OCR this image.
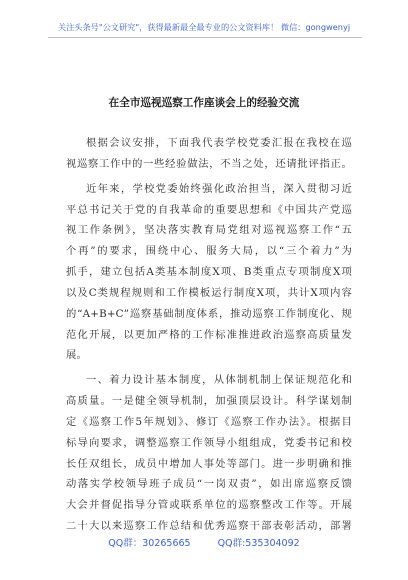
关注头条号"公文研究"，获得最新最全最专业的公文资料库！ 微信：gongwenyj
在全市巡视巡察工作座谈会上的经验交流
根据会议安排，下面我代表学校党委汇报在我校在巡
视巡察工作中的一些经验做法，不当之处，还请批评指正。
近年来，学校党委始终强化政治担当，深入贯彻习近
平总书记关于党的自我革命的重要思想和《中国共产党巡
视工作条例》，坚决落实教育局党组对巡视巡察工作“五
个再”的要求，围绕中心、服务大局，以“三个着力”为
抓手，建立包括A类基本制度X项、B类重点专项制度X项
以及C类规程规则和工作模板运行制度X项，共计X项内容
的“A+B+C”巡察基础制度体系，推动巡察工作制度化、规
范化开展，以更加严格的工作标准推进政治巡察高质量发
展。
一、着力设计基本制度，从体制机制上保证规范化和
高质量。一是健全领导机制，加强顶层设计。科学谋划制
定《巡察工作5年规划》、修订《巡察工作办法》。根据目
标导向要求，调整巡察工作领导小组组成，党委书记和校
长任双组长，成员中增加人事处等部门。进一步明确和推
动落实学校领导班子成员“一岗双责”，如出席巡察反馈
大会并督促指导分管或联系单位的巡察整改工作等。开展
二十大以来巡察工作总结和优秀巡察干部表彰活动，部署
QQ群：30265665	QQ群:535304092
